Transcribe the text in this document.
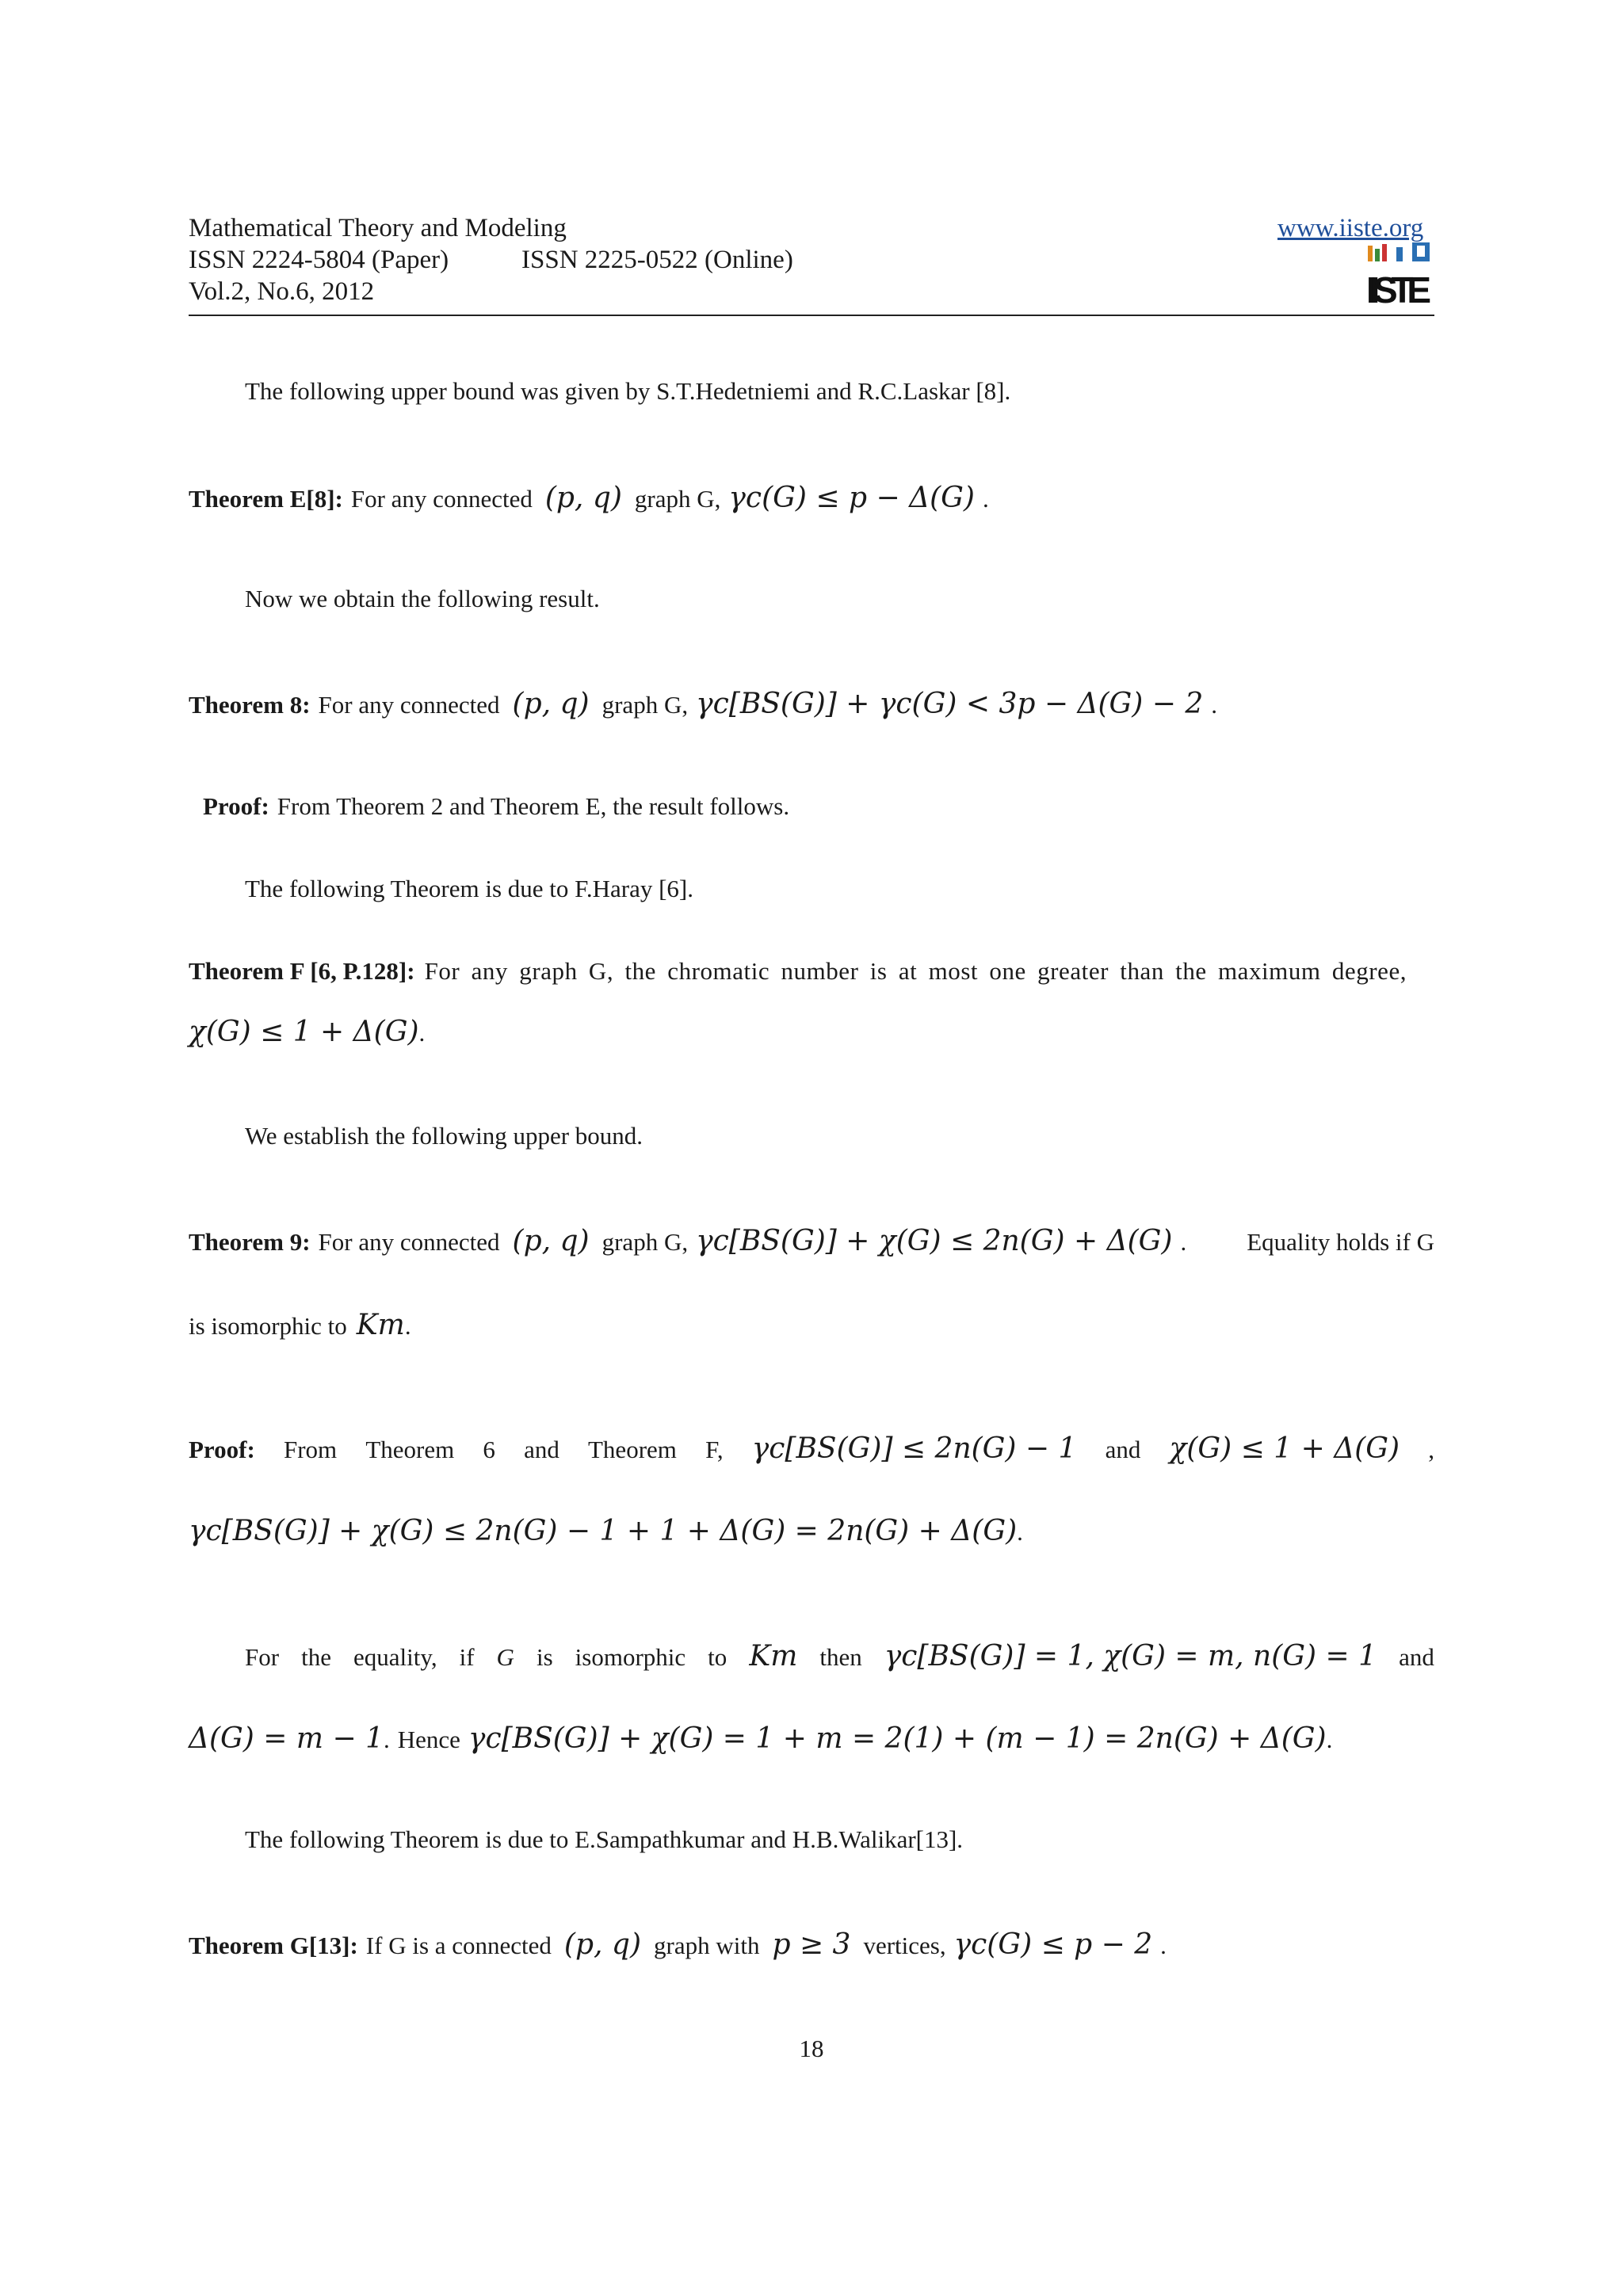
Mathematical Theory and Modeling
ISSN 2224-5804 (Paper)	ISSN 2225-0522 (Online)
Vol.2, No.6, 2012
www.iiste.org
IISTE
The following upper bound was given by S.T.Hedetniemi and R.C.Laskar [8].
Theorem E[8]: For any connected (p, q) graph G, γc(G) ≤ p − Δ(G) .
Now we obtain the following result.
Theorem 8: For any connected (p, q) graph G, γc[BS(G)] + γc(G) < 3p − Δ(G) − 2 .
Proof: From Theorem 2 and Theorem E, the result follows.
The following Theorem is due to F.Haray [6].
Theorem F [6, P.128]: For any graph G, the chromatic number is at most one greater than the maximum degree,
χ(G) ≤ 1 + Δ(G) .
We establish the following upper bound.
Theorem 9: For any connected (p, q) graph G, γc[BS(G)] + χ(G) ≤ 2n(G) + Δ(G) . Equality holds if G
is isomorphic to Km .
Proof: From Theorem 6 and Theorem F, γc[BS(G)] ≤ 2n(G) − 1 and χ(G) ≤ 1 + Δ(G) ,
γc[BS(G)] + χ(G) ≤ 2n(G) − 1 + 1 + Δ(G) = 2n(G) + Δ(G) .
For the equality, if G is isomorphic to Km then γc[BS(G)] = 1, χ(G) = m, n(G) = 1 and
Δ(G) = m − 1 . Hence γc[BS(G)] + χ(G) = 1 + m = 2(1) + (m − 1) = 2n(G) + Δ(G) .
The following Theorem is due to E.Sampathkumar and H.B.Walikar[13].
Theorem G[13]: If G is a connected (p, q) graph with p ≥ 3 vertices, γc(G) ≤ p − 2 .
18
